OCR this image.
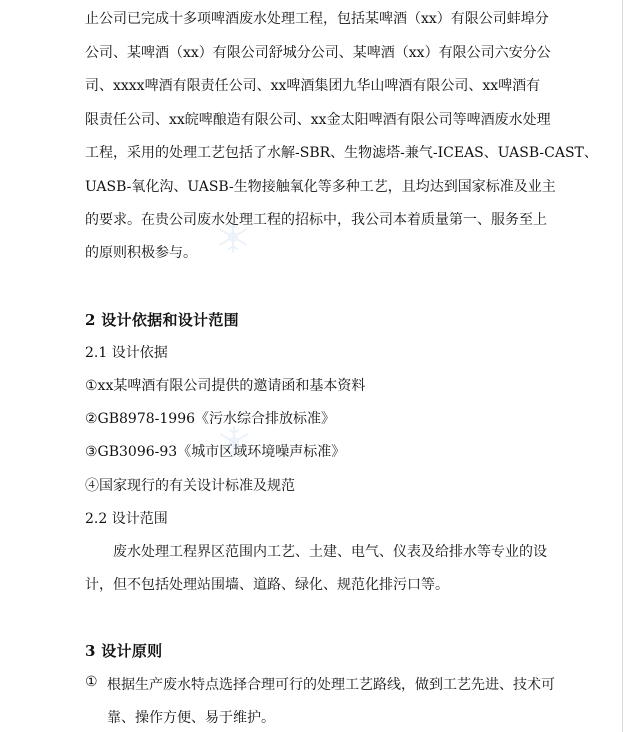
止公司已完成十多项啤酒废水处理工程，包括某啤酒（xx）有限公司蚌埠分
公司、某啤酒（xx）有限公司舒城分公司、某啤酒（xx）有限公司六安分公
司、xxxx啤酒有限责任公司、xx啤酒集团九华山啤酒有限公司、xx啤酒有
限责任公司、xx皖啤酿造有限公司、xx金太阳啤酒有限公司等啤酒废水处理
工程，采用的处理工艺包括了水解-SBR、生物滤塔-兼气-ICEAS、UASB-CAST、
UASB-氧化沟、UASB-生物接触氧化等多种工艺，且均达到国家标准及业主
的要求。在贵公司废水处理工程的招标中，我公司本着质量第一、服务至上
的原则积极参与。
2 设计依据和设计范围
2.1 设计依据
①xx某啤酒有限公司提供的邀请函和基本资料
②GB8978-1996《污水综合排放标准》
③GB3096-93《城市区域环境噪声标准》
④国家现行的有关设计标准及规范
2.2 设计范围
废水处理工程界区范围内工艺、土建、电气、仪表及给排水等专业的设
计，但不包括处理站围墙、道路、绿化、规范化排污口等。
3 设计原则
① 根据生产废水特点选择合理可行的处理工艺路线，做到工艺先进、技术可
靠、操作方便、易于维护。
